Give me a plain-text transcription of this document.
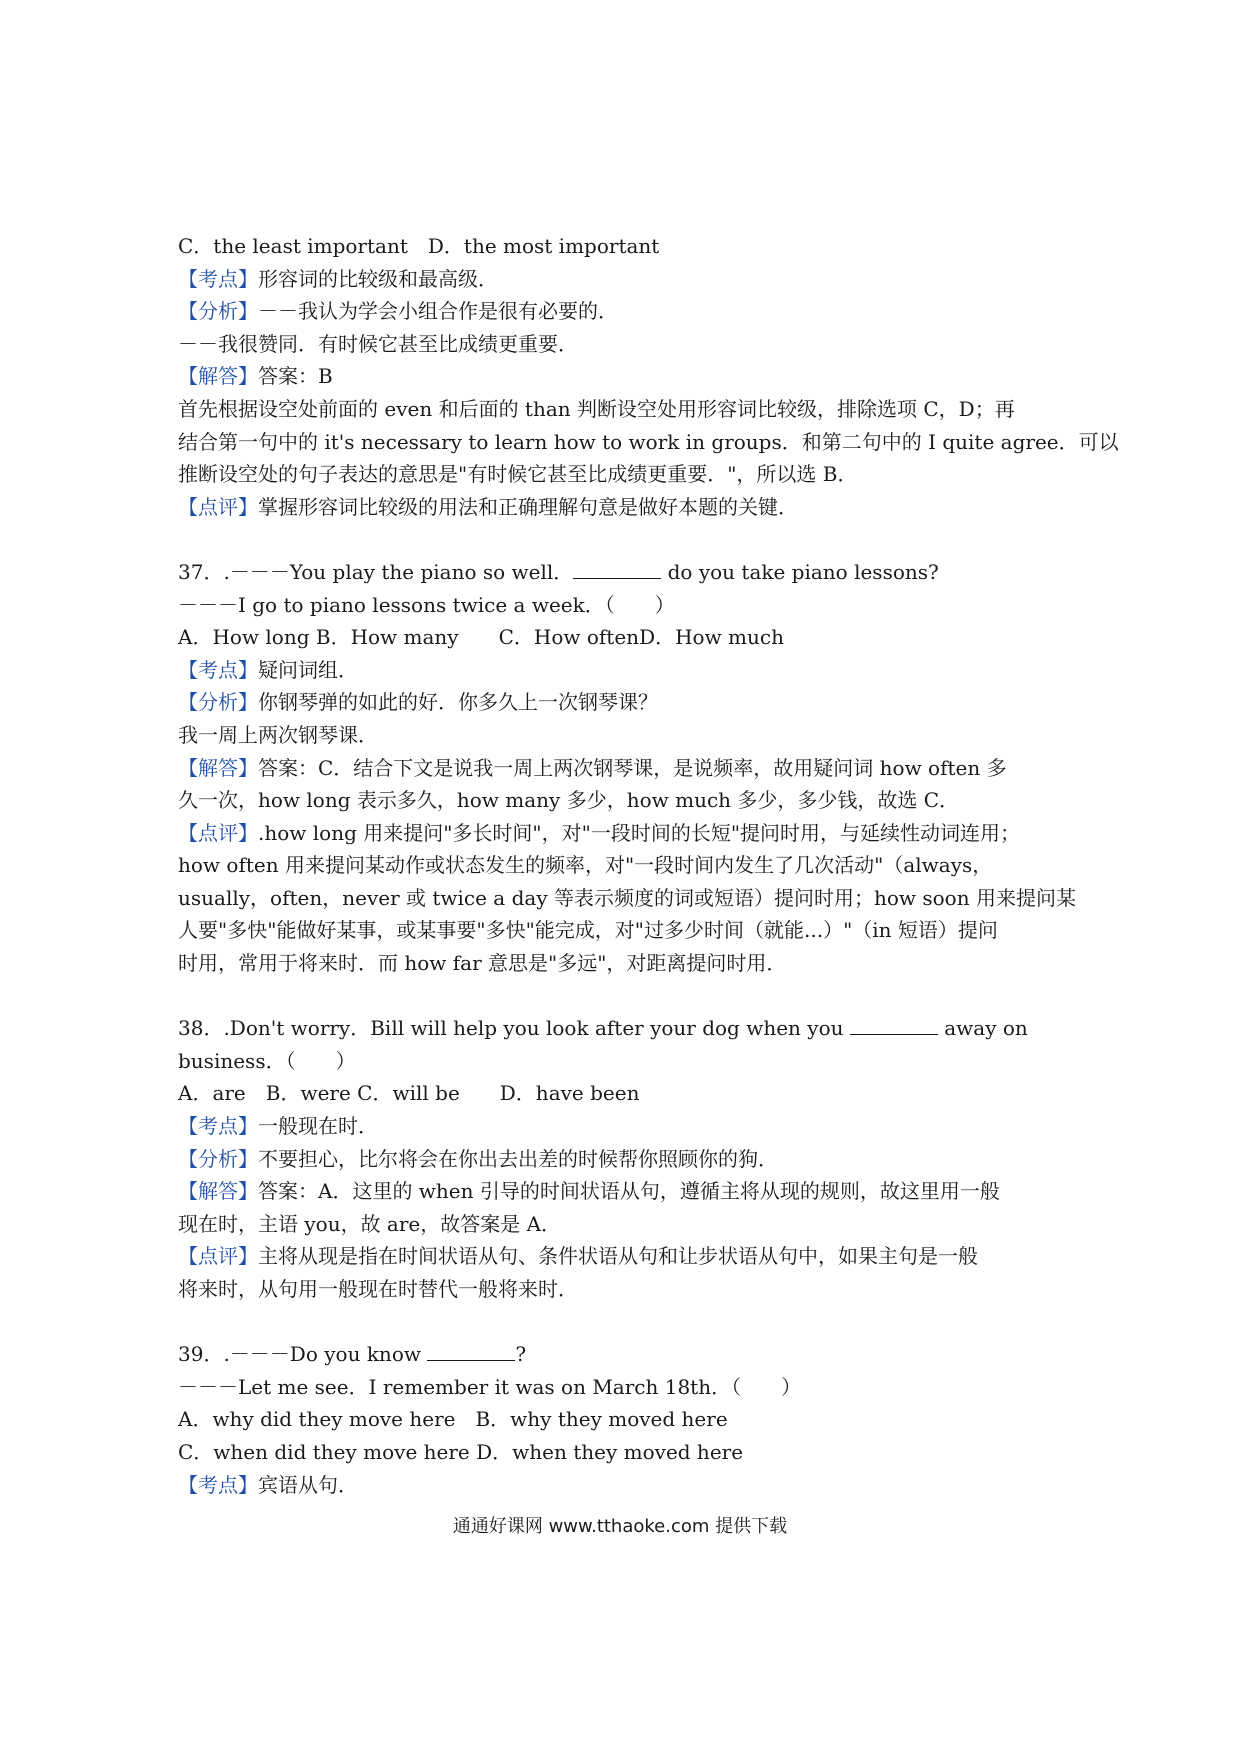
C．the least important　D．the most important
【考点】形容词的比较级和最高级．
【分析】－－我认为学会小组合作是很有必要的．
－－我很赞同．有时候它甚至比成绩更重要．
【解答】答案：B
首先根据设空处前面的 even 和后面的 than 判断设空处用形容词比较级，排除选项 C，D；再
结合第一句中的 it's necessary to learn how to work in groups．和第二句中的 I quite agree．可以
推断设空处的句子表达的意思是"有时候它甚至比成绩更重要．"，所以选 B．
【点评】掌握形容词比较级的用法和正确理解句意是做好本题的关键．
37．.－－－You play the piano so well．	do you take piano lessons?
－－－I go to piano lessons twice a week．（　　）
A．How long B．How many　　C．How oftenD．How much
【考点】疑问词组．
【分析】你钢琴弹的如此的好．你多久上一次钢琴课？
我一周上两次钢琴课．
【解答】答案：C．结合下文是说我一周上两次钢琴课，是说频率，故用疑问词 how often 多
久一次，how long 表示多久，how many 多少，how much 多少，多少钱，故选 C．
【点评】.how long 用来提问"多长时间"，对"一段时间的长短"提问时用，与延续性动词连用；
how often 用来提问某动作或状态发生的频率，对"一段时间内发生了几次活动"（always，
usually，often，never 或 twice a day 等表示频度的词或短语）提问时用；how soon 用来提问某
人要"多快"能做好某事，或某事要"多快"能完成，对"过多少时间（就能...）"（in 短语）提问
时用，常用于将来时．而 how far 意思是"多远"，对距离提问时用．
38．.Don't worry．Bill will help you look after your dog when you	away on
business．（　　）
A．are　B．were C．will be　　D．have been
【考点】一般现在时．
【分析】不要担心，比尔将会在你出去出差的时候帮你照顾你的狗．
【解答】答案：A．这里的 when 引导的时间状语从句，遵循主将从现的规则，故这里用一般
现在时，主语 you，故 are，故答案是 A．
【点评】主将从现是指在时间状语从句、条件状语从句和让步状语从句中，如果主句是一般
将来时，从句用一般现在时替代一般将来时．
39．.－－－Do you know	?
－－－Let me see．I remember it was on March 18th．（　　）
A．why did they move here　B．why they moved here
C．when did they move here D．when they moved here
【考点】宾语从句．
通通好课网 www.tthaoke.com 提供下载
